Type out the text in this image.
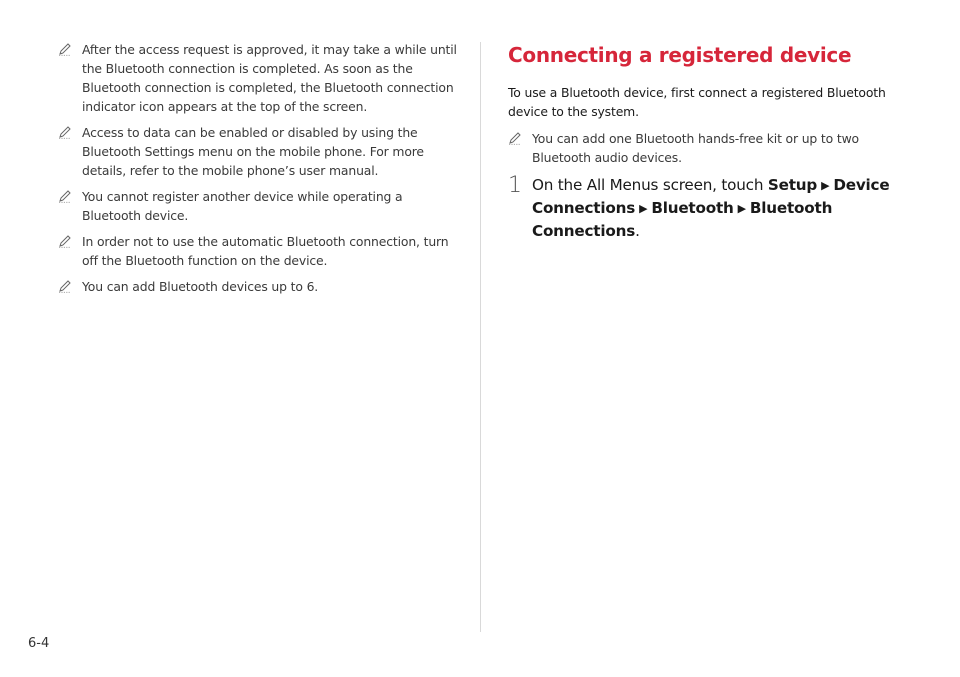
After the access request is approved, it may take a while until the Bluetooth connection is completed. As soon as the Bluetooth connection is completed, the Bluetooth connection indicator icon appears at the top of the screen.
Access to data can be enabled or disabled by using the Bluetooth Settings menu on the mobile phone. For more details, refer to the mobile phone’s user manual.
You cannot register another device while operating a Bluetooth device.
In order not to use the automatic Bluetooth connection, turn off the Bluetooth function on the device.
You can add Bluetooth devices up to 6.
Connecting a registered device
To use a Bluetooth device, first connect a registered Bluetooth device to the system.
You can add one Bluetooth hands-free kit or up to two Bluetooth audio devices.
1 On the All Menus screen, touch Setup ▶ Device Connections ▶ Bluetooth ▶ Bluetooth Connections.
6-4
